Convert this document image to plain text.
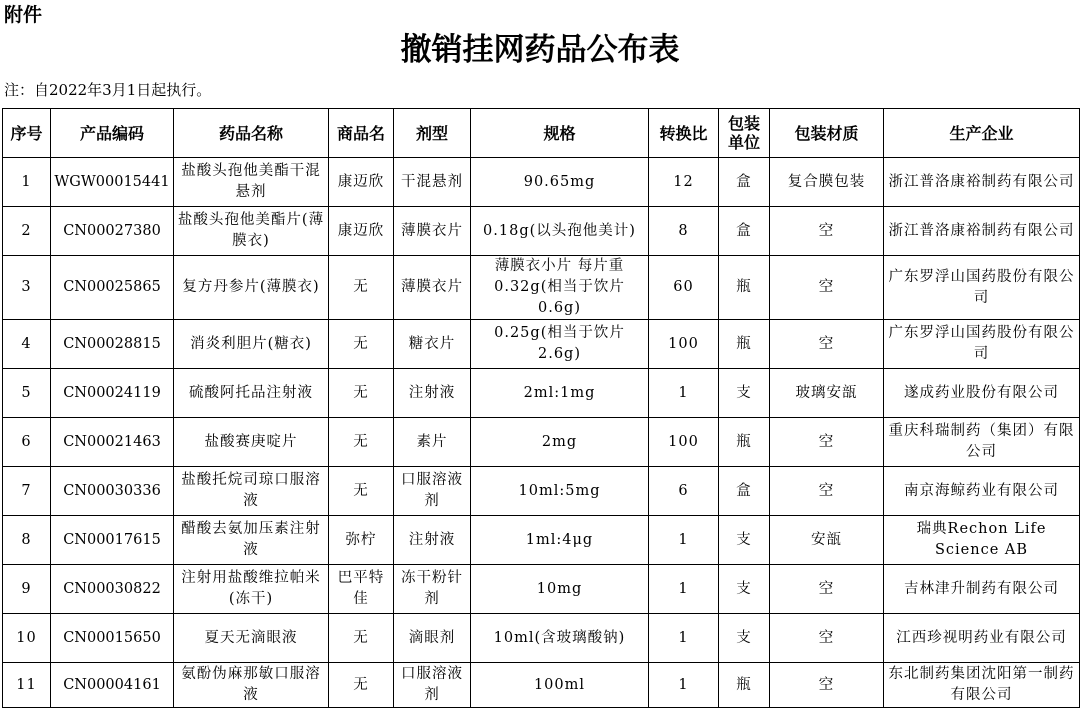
附件
撤销挂网药品公布表
注：自2022年3月1日起执行。
序号	产品编码	药品名称	商品名	剂型	规格	转换比	包装单位	包装材质	生产企业
1	WGW00015441	盐酸头孢他美酯干混悬剂	康迈欣	干混悬剂	90.65mg	12	盒	复合膜包装	浙江普洛康裕制药有限公司
2	CN00027380	盐酸头孢他美酯片(薄膜衣)	康迈欣	薄膜衣片	0.18g(以头孢他美计)	8	盒	空	浙江普洛康裕制药有限公司
3	CN00025865	复方丹参片(薄膜衣)	无	薄膜衣片	薄膜衣小片 每片重0.32g(相当于饮片0.6g)	60	瓶	空	广东罗浮山国药股份有限公司
4	CN00028815	消炎利胆片(糖衣)	无	糖衣片	0.25g(相当于饮片2.6g)	100	瓶	空	广东罗浮山国药股份有限公司
5	CN00024119	硫酸阿托品注射液	无	注射液	2ml:1mg	1	支	玻璃安瓿	遂成药业股份有限公司
6	CN00021463	盐酸赛庚啶片	无	素片	2mg	100	瓶	空	重庆科瑞制药（集团）有限公司
7	CN00030336	盐酸托烷司琼口服溶液	无	口服溶液剂	10ml:5mg	6	盒	空	南京海鲸药业有限公司
8	CN00017615	醋酸去氨加压素注射液	弥柠	注射液	1ml:4μg	1	支	安瓿	瑞典Rechon Life Science AB
9	CN00030822	注射用盐酸维拉帕米(冻干)	巴平特佳	冻干粉针剂	10mg	1	支	空	吉林津升制药有限公司
10	CN00015650	夏天无滴眼液	无	滴眼剂	10ml(含玻璃酸钠)	1	支	空	江西珍视明药业有限公司
11	CN00004161	氨酚伪麻那敏口服溶液	无	口服溶液剂	100ml	1	瓶	空	东北制药集团沈阳第一制药有限公司
